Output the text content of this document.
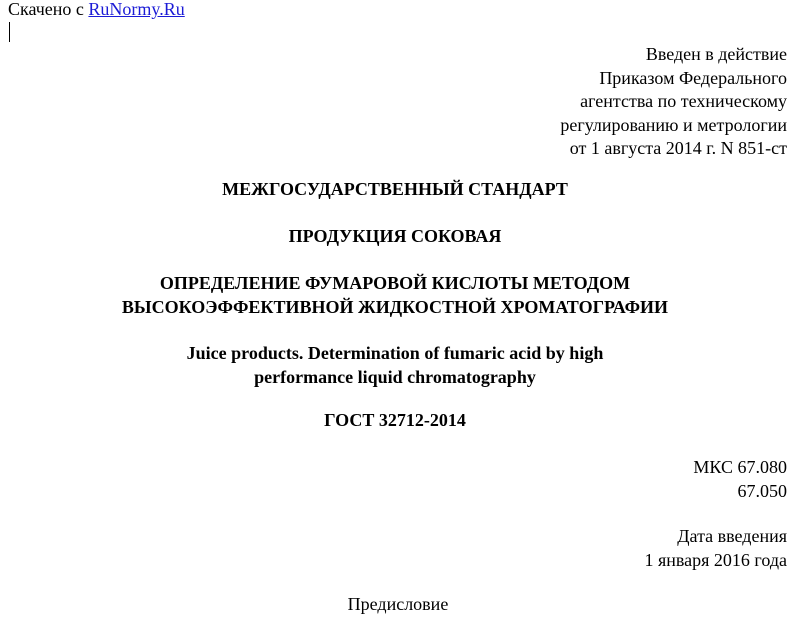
Скачено с RuNormy.Ru
Введен в действие
Приказом Федерального
агентства по техническому
регулированию и метрологии
от 1 августа 2014 г. N 851-ст
МЕЖГОСУДАРСТВЕННЫЙ СТАНДАРТ
ПРОДУКЦИЯ СОКОВАЯ
ОПРЕДЕЛЕНИЕ ФУМАРОВОЙ КИСЛОТЫ МЕТОДОМ
ВЫСОКОЭФФЕКТИВНОЙ ЖИДКОСТНОЙ ХРОМАТОГРАФИИ
Juice products. Determination of fumaric acid by high
performance liquid chromatography
ГОСТ 32712-2014
МКС 67.080
67.050
Дата введения
1 января 2016 года
Предисловие
